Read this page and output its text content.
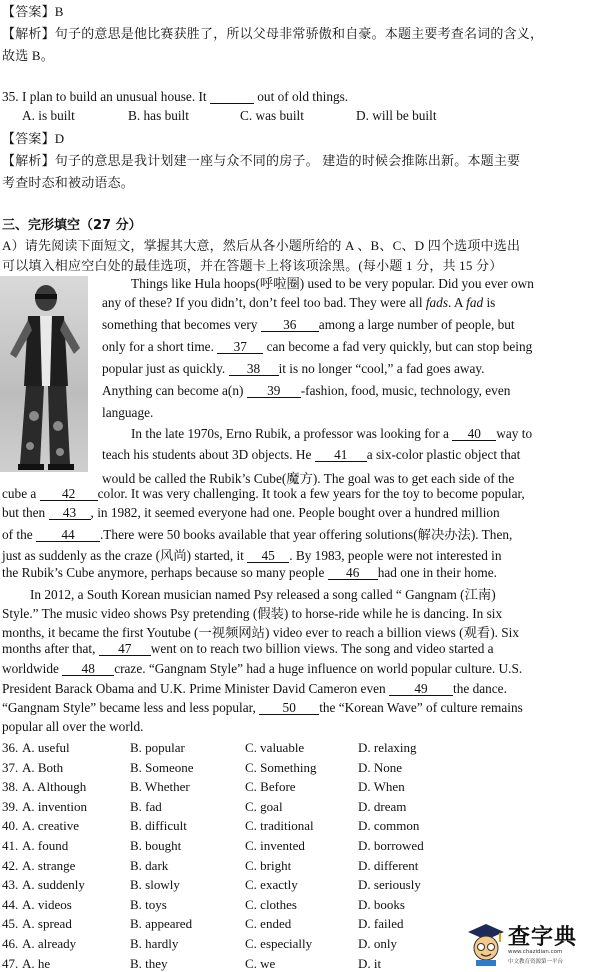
【答案】B
【解析】句子的意思是他比赛获胜了，所以父母非常骄傲和自豪。本题主要考查名词的含义，
故选 B。
35. I plan to build an unusual house. It	out of old things.
A. is built	B. has built	C. was built	D. will be built
【答案】D
【解析】句子的意思是我计划建一座与众不同的房子。 建造的时候会推陈出新。本题主要
考查时态和被动语态。
三、完形填空（27 分）
A）请先阅读下面短文，掌握其大意，然后从各小题所给的 A 、B、C、D 四个选项中选出
可以填入相应空白处的最佳选项，并在答题卡上将该项涂黑。(每小题 1 分，共 15 分）
Things like Hula hoops(呼啦圈) used to be very popular. Did you ever own
any of these? If you didn’t, don’t feel too bad. They were all fads. A fad is
something that becomes very 36 among a large number of people, but
only for a short time. 37 can become a fad very quickly, but can stop being
popular just as quickly. 38 it is no longer “cool,” a fad goes away.
Anything can become a(n) 39 -fashion, food, music, technology, even
language.
In the late 1970s, Erno Rubik, a professor was looking for a 40 way to
teach his students about 3D objects. He 41 a six-color plastic object that
would be called the Rubik’s Cube(魔方). The goal was to get each side of the
cube a 42 color. It was very challenging. It took a few years for the toy to become popular,
but then 43 , in 1982, it seemed everyone had one. People bought over a hundred million
of the 44 .There were 50 books available that year offering solutions(解决办法). Then,
just as suddenly as the craze (风尚) started, it 45 . By 1983, people were not interested in
the Rubik’s Cube anymore, perhaps because so many people 46 had one in their home.
In 2012, a South Korean musician named Psy released a song called “ Gangnam (江南)
Style.” The music video shows Psy pretending (假装) to horse-ride while he is dancing. In six
months, it became the first Youtube (一视频网站) video ever to reach a billion views (观看). Six
months after that, 47 went on to reach two billion views. The song and video started a
worldwide 48 craze. “Gangnam Style” had a huge influence on world popular culture. U.S.
President Barack Obama and U.K. Prime Minister David Cameron even 49 the dance.
“Gangnam Style” became less and less popular, 50 the “Korean Wave” of culture remains
popular all over the world.
36. A. useful	B. popular	C. valuable	D. relaxing
37. A. Both	B. Someone	C. Something	D. None
38. A. Although	B. Whether	C. Before	D. When
39. A. invention	B. fad	C. goal	D. dream
40. A. creative	B. difficult	C. traditional	D. common
41. A. found	B. bought	C. invented	D. borrowed
42. A. strange	B. dark	C. bright	D. different
43. A. suddenly	B. slowly	C. exactly	D. seriously
44. A. videos	B. toys	C. clothes	D. books
45. A. spread	B. appeared	C. ended	D. failed
46. A. already	B. hardly	C. especially	D. only
47. A. he	B. they	C. we	D. it
查字典
www.chazidian.com
中文教育资源第一平台
